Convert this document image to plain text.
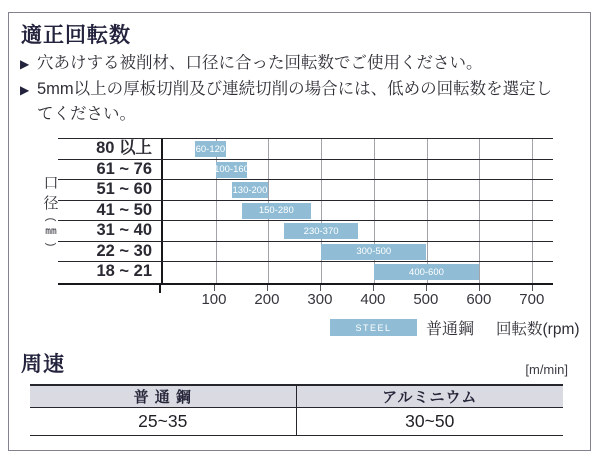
適正回転数
▶ 穴あけする被削材、口径に合った回転数でご使用ください。
▶ 5mm以上の厚板切削及び連続切削の場合には、低めの回転数を選定してください。
口
径
(
mm
)
80 以上	60-120
61 ~ 76	100-160
51 ~ 60	130-200
41 ~ 50	150-280
31 ~ 40	230-370
22 ~ 30	300-500
18 ~ 21	400-600
100 200 300 400 500 600 700
STEEL	普通鋼 回転数(rpm)
周速	[m/min]
普 通 鋼	アルミニウム
25~35	30~50
